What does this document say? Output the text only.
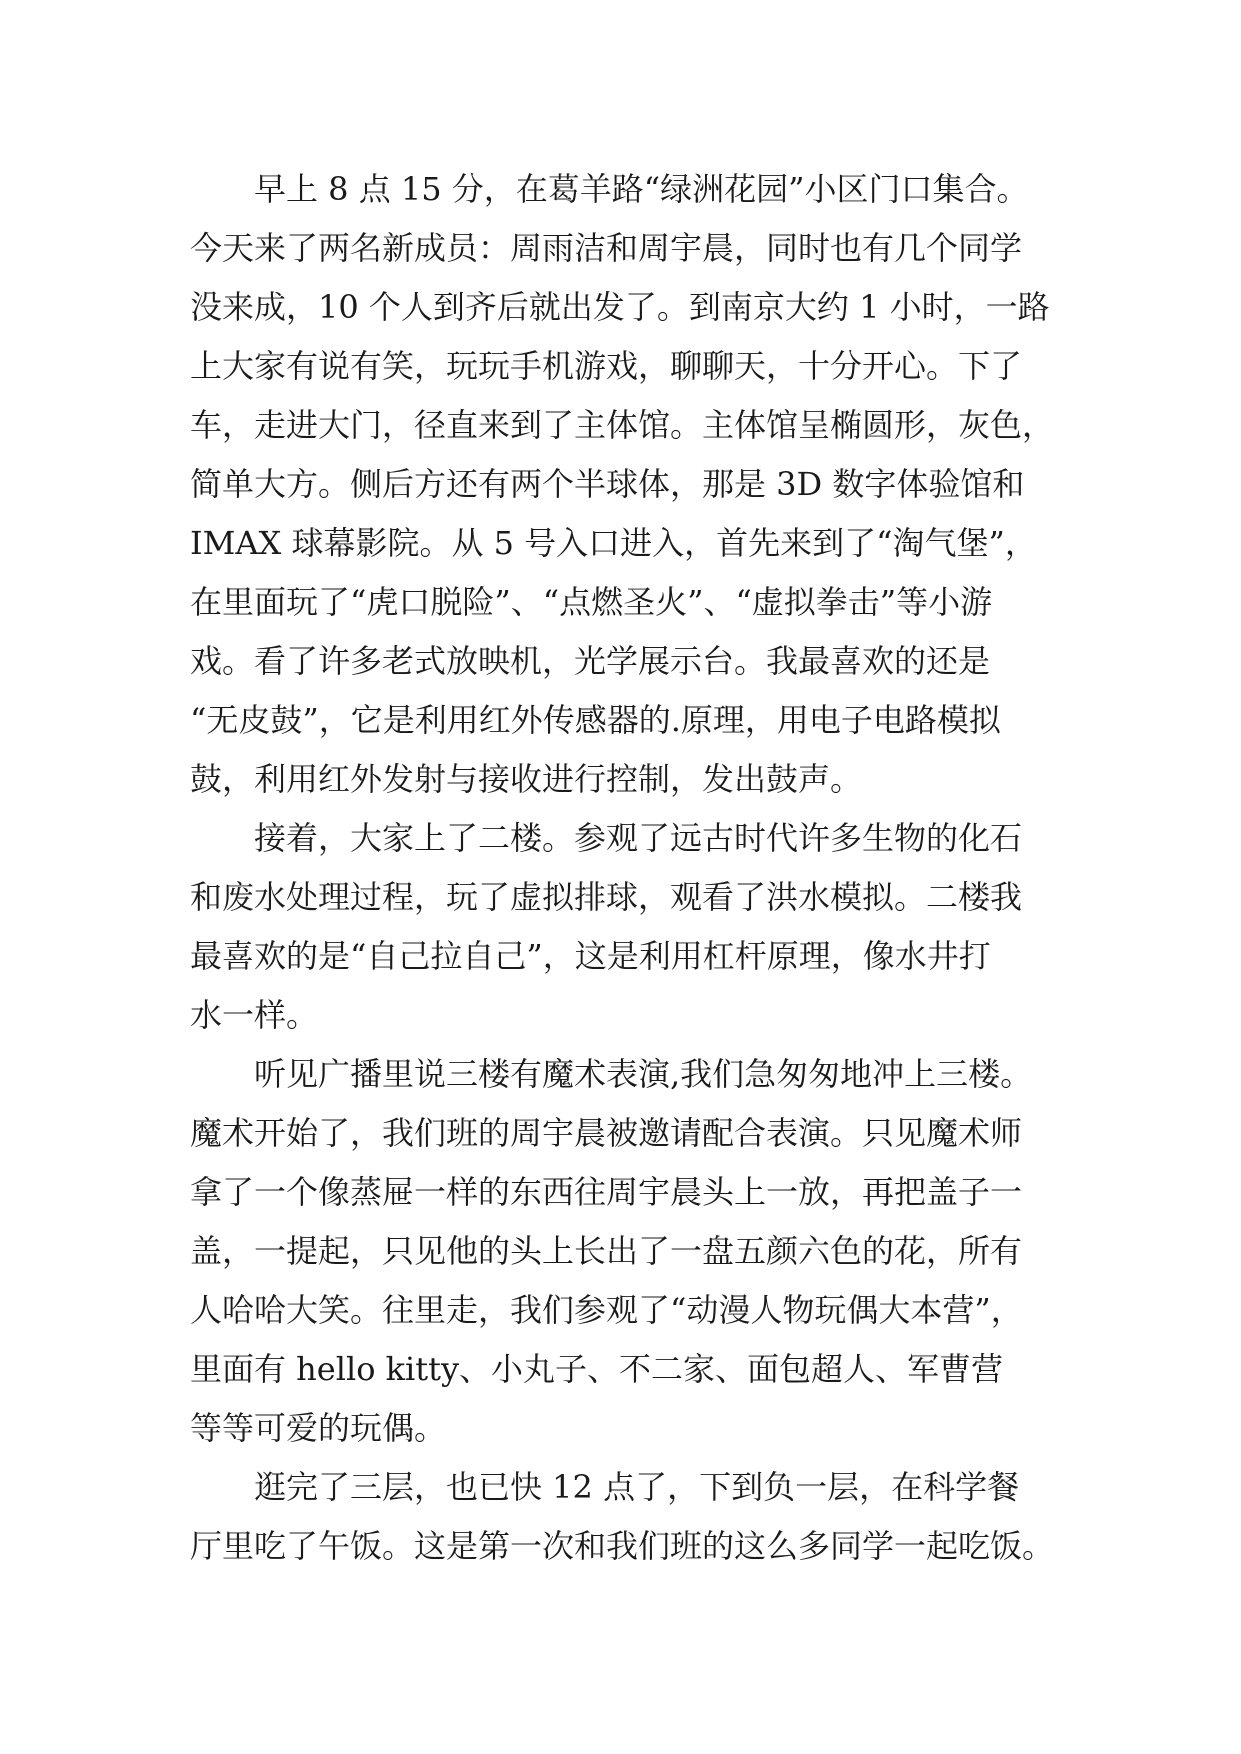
早上 8 点 15 分，在葛羊路“绿洲花园”小区门口集合。
今天来了两名新成员：周雨洁和周宇晨，同时也有几个同学
没来成，10 个人到齐后就出发了。到南京大约 1 小时，一路
上大家有说有笑，玩玩手机游戏，聊聊天，十分开心。下了
车，走进大门，径直来到了主体馆。主体馆呈椭圆形，灰色，
简单大方。侧后方还有两个半球体，那是 3D 数字体验馆和
IMAX 球幕影院。从 5 号入口进入，首先来到了“淘气堡”，
在里面玩了“虎口脱险”、“点燃圣火”、“虚拟拳击”等小游
戏。看了许多老式放映机，光学展示台。我最喜欢的还是
“无皮鼓”，它是利用红外传感器的.原理，用电子电路模拟
鼓，利用红外发射与接收进行控制，发出鼓声。
接着，大家上了二楼。参观了远古时代许多生物的化石
和废水处理过程，玩了虚拟排球，观看了洪水模拟。二楼我
最喜欢的是“自己拉自己”，这是利用杠杆原理，像水井打
水一样。
听见广播里说三楼有魔术表演,我们急匆匆地冲上三楼。
魔术开始了，我们班的周宇晨被邀请配合表演。只见魔术师
拿了一个像蒸屉一样的东西往周宇晨头上一放，再把盖子一
盖，一提起，只见他的头上长出了一盘五颜六色的花，所有
人哈哈大笑。往里走，我们参观了“动漫人物玩偶大本营”，
里面有 hello kitty、小丸子、不二家、面包超人、军曹营
等等可爱的玩偶。
逛完了三层，也已快 12 点了，下到负一层，在科学餐
厅里吃了午饭。这是第一次和我们班的这么多同学一起吃饭。
